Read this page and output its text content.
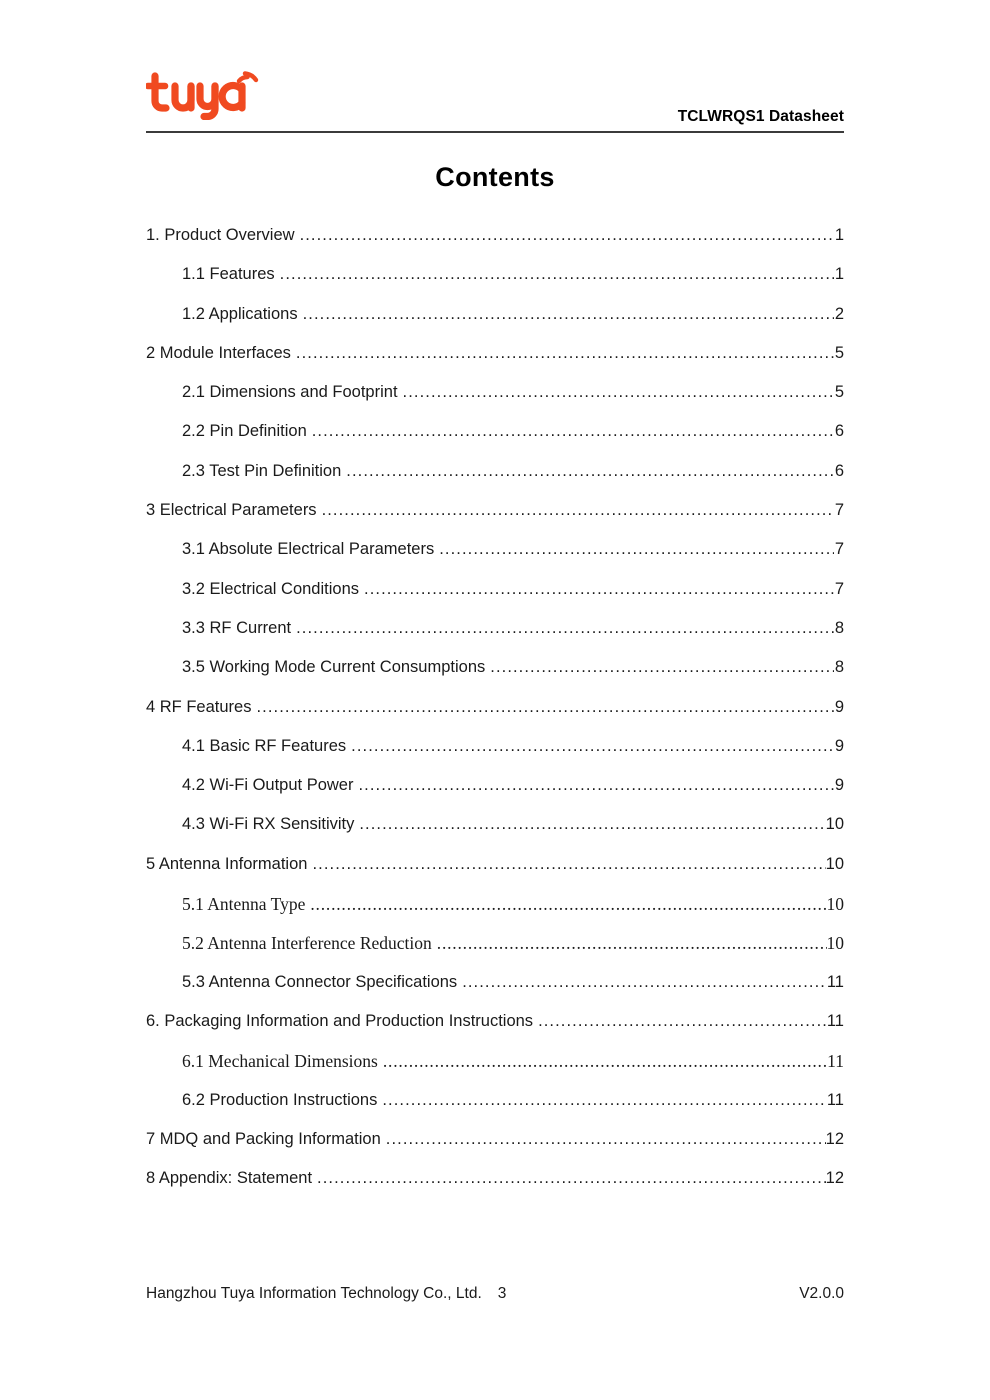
TCLWRQS1 Datasheet
Contents
1. Product Overview .....	1
1.1 Features .....	1
1.2 Applications .....	2
2 Module Interfaces .....	5
2.1 Dimensions and Footprint .....	5
2.2 Pin Definition .....	6
2.3 Test Pin Definition .....	6
3 Electrical Parameters .....	7
3.1 Absolute Electrical Parameters .....	7
3.2 Electrical Conditions .....	7
3.3 RF Current .....	8
3.5 Working Mode Current Consumptions .....	8
4 RF Features .....	9
4.1 Basic RF Features .....	9
4.2 Wi-Fi Output Power .....	9
4.3 Wi-Fi RX Sensitivity .....	10
5 Antenna Information .....	10
5.1 Antenna Type .....	10
5.2 Antenna Interference Reduction .....	10
5.3 Antenna Connector Specifications .....	11
6. Packaging Information and Production Instructions .....	11
6.1 Mechanical Dimensions .....	11
6.2 Production Instructions .....	11
7 MDQ and Packing Information .....	12
8 Appendix: Statement .....	12
Hangzhou Tuya Information Technology Co., Ltd. 3	V2.0.0
